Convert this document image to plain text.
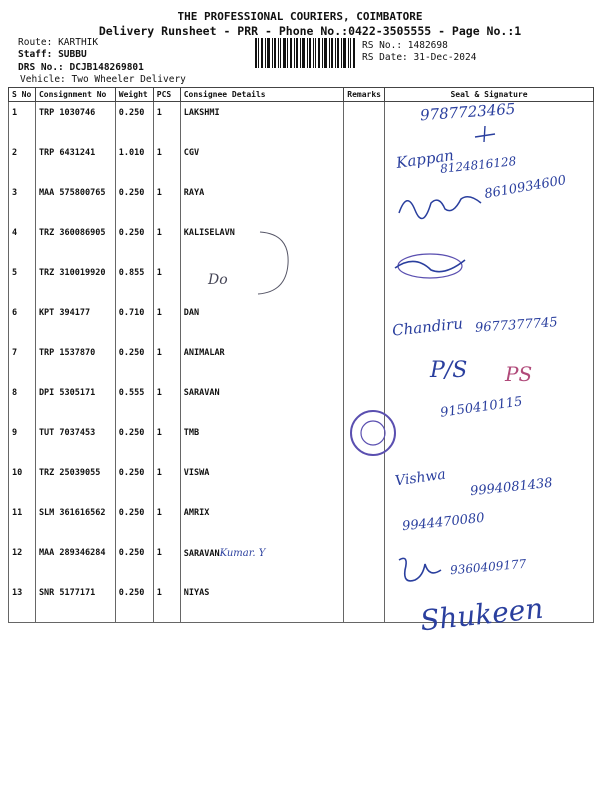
THE PROFESSIONAL COURIERS, COIMBATORE
Delivery Runsheet - PRR - Phone No.:0422-3505555 - Page No.:1
Route: KARTHIK
Staff: SUBBU
DRS No.: DCJB148269801
Vehicle: Two Wheeler Delivery
RS No.: 1482698
RS Date: 31-Dec-2024
S No	Consignment No	Weight	PCS	Consignee Details	Remarks	Seal & Signature
1	TRP 1030746	0.250	1	LAKSHMI		
2	TRP 6431241	1.010	1	CGV		
3	MAA 575800765	0.250	1	RAYA		
4	TRZ 360086905	0.250	1	KALISELAVN		
5	TRZ 310019920	0.855	1			
6	KPT 394177	0.710	1	DAN		
7	TRP 1537870	0.250	1	ANIMALAR		
8	DPI 5305171	0.555	1	SARAVAN		
9	TUT 7037453	0.250	1	TMB		
10	TRZ 25039055	0.250	1	VISWA		
11	SLM 361616562	0.250	1	AMRIX		
12	MAA 289346284	0.250	1	SARAVANKumar. Y		
13	SNR 5177171	0.250	1	NIYAS		
9787723465
Kappan
8124816128
8610934600
Do
Chandiru 9677377745
P/S PS
9150410115
Vishwa 9994081438
9944470080
9360409177
Shukeen
